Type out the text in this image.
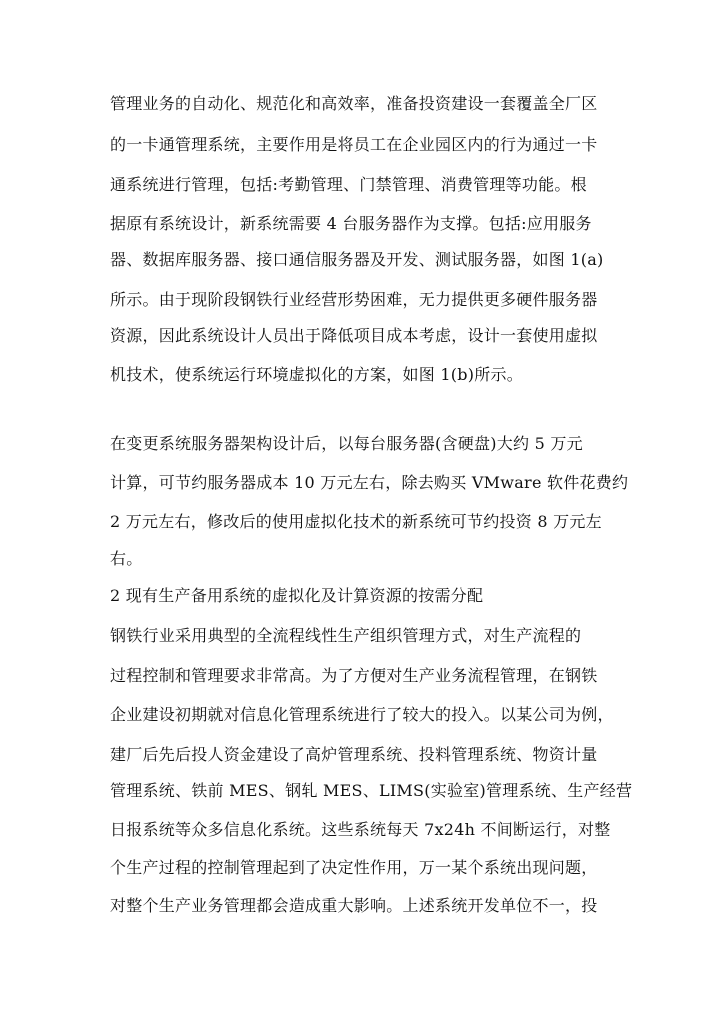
管理业务的自动化、规范化和高效率，准备投资建设一套覆盖全厂区
的一卡通管理系统，主要作用是将员工在企业园区内的行为通过一卡
通系统进行管理，包括:考勤管理、门禁管理、消费管理等功能。根
据原有系统设计，新系统需要 4 台服务器作为支撑。包括:应用服务
器、数据库服务器、接口通信服务器及开发、测试服务器，如图 1(a)
所示。由于现阶段钢铁行业经营形势困难，无力提供更多硬件服务器
资源，因此系统设计人员出于降低项目成本考虑，设计一套使用虚拟
机技术，使系统运行环境虚拟化的方案，如图 1(b)所示。
在变更系统服务器架构设计后，以每台服务器(含硬盘)大约 5 万元
计算，可节约服务器成本 10 万元左右，除去购买 VMware 软件花费约
2 万元左右，修改后的使用虚拟化技术的新系统可节约投资 8 万元左
右。
2 现有生产备用系统的虚拟化及计算资源的按需分配
钢铁行业采用典型的全流程线性生产组织管理方式，对生产流程的
过程控制和管理要求非常高。为了方便对生产业务流程管理，在钢铁
企业建设初期就对信息化管理系统进行了较大的投入。以某公司为例，
建厂后先后投人资金建设了高炉管理系统、投料管理系统、物资计量
管理系统、铁前 MES、钢轧 MES、LIMS(实验室)管理系统、生产经营
日报系统等众多信息化系统。这些系统每天 7x24h 不间断运行，对整
个生产过程的控制管理起到了决定性作用，万一某个系统出现问题，
对整个生产业务管理都会造成重大影响。上述系统开发单位不一，投
